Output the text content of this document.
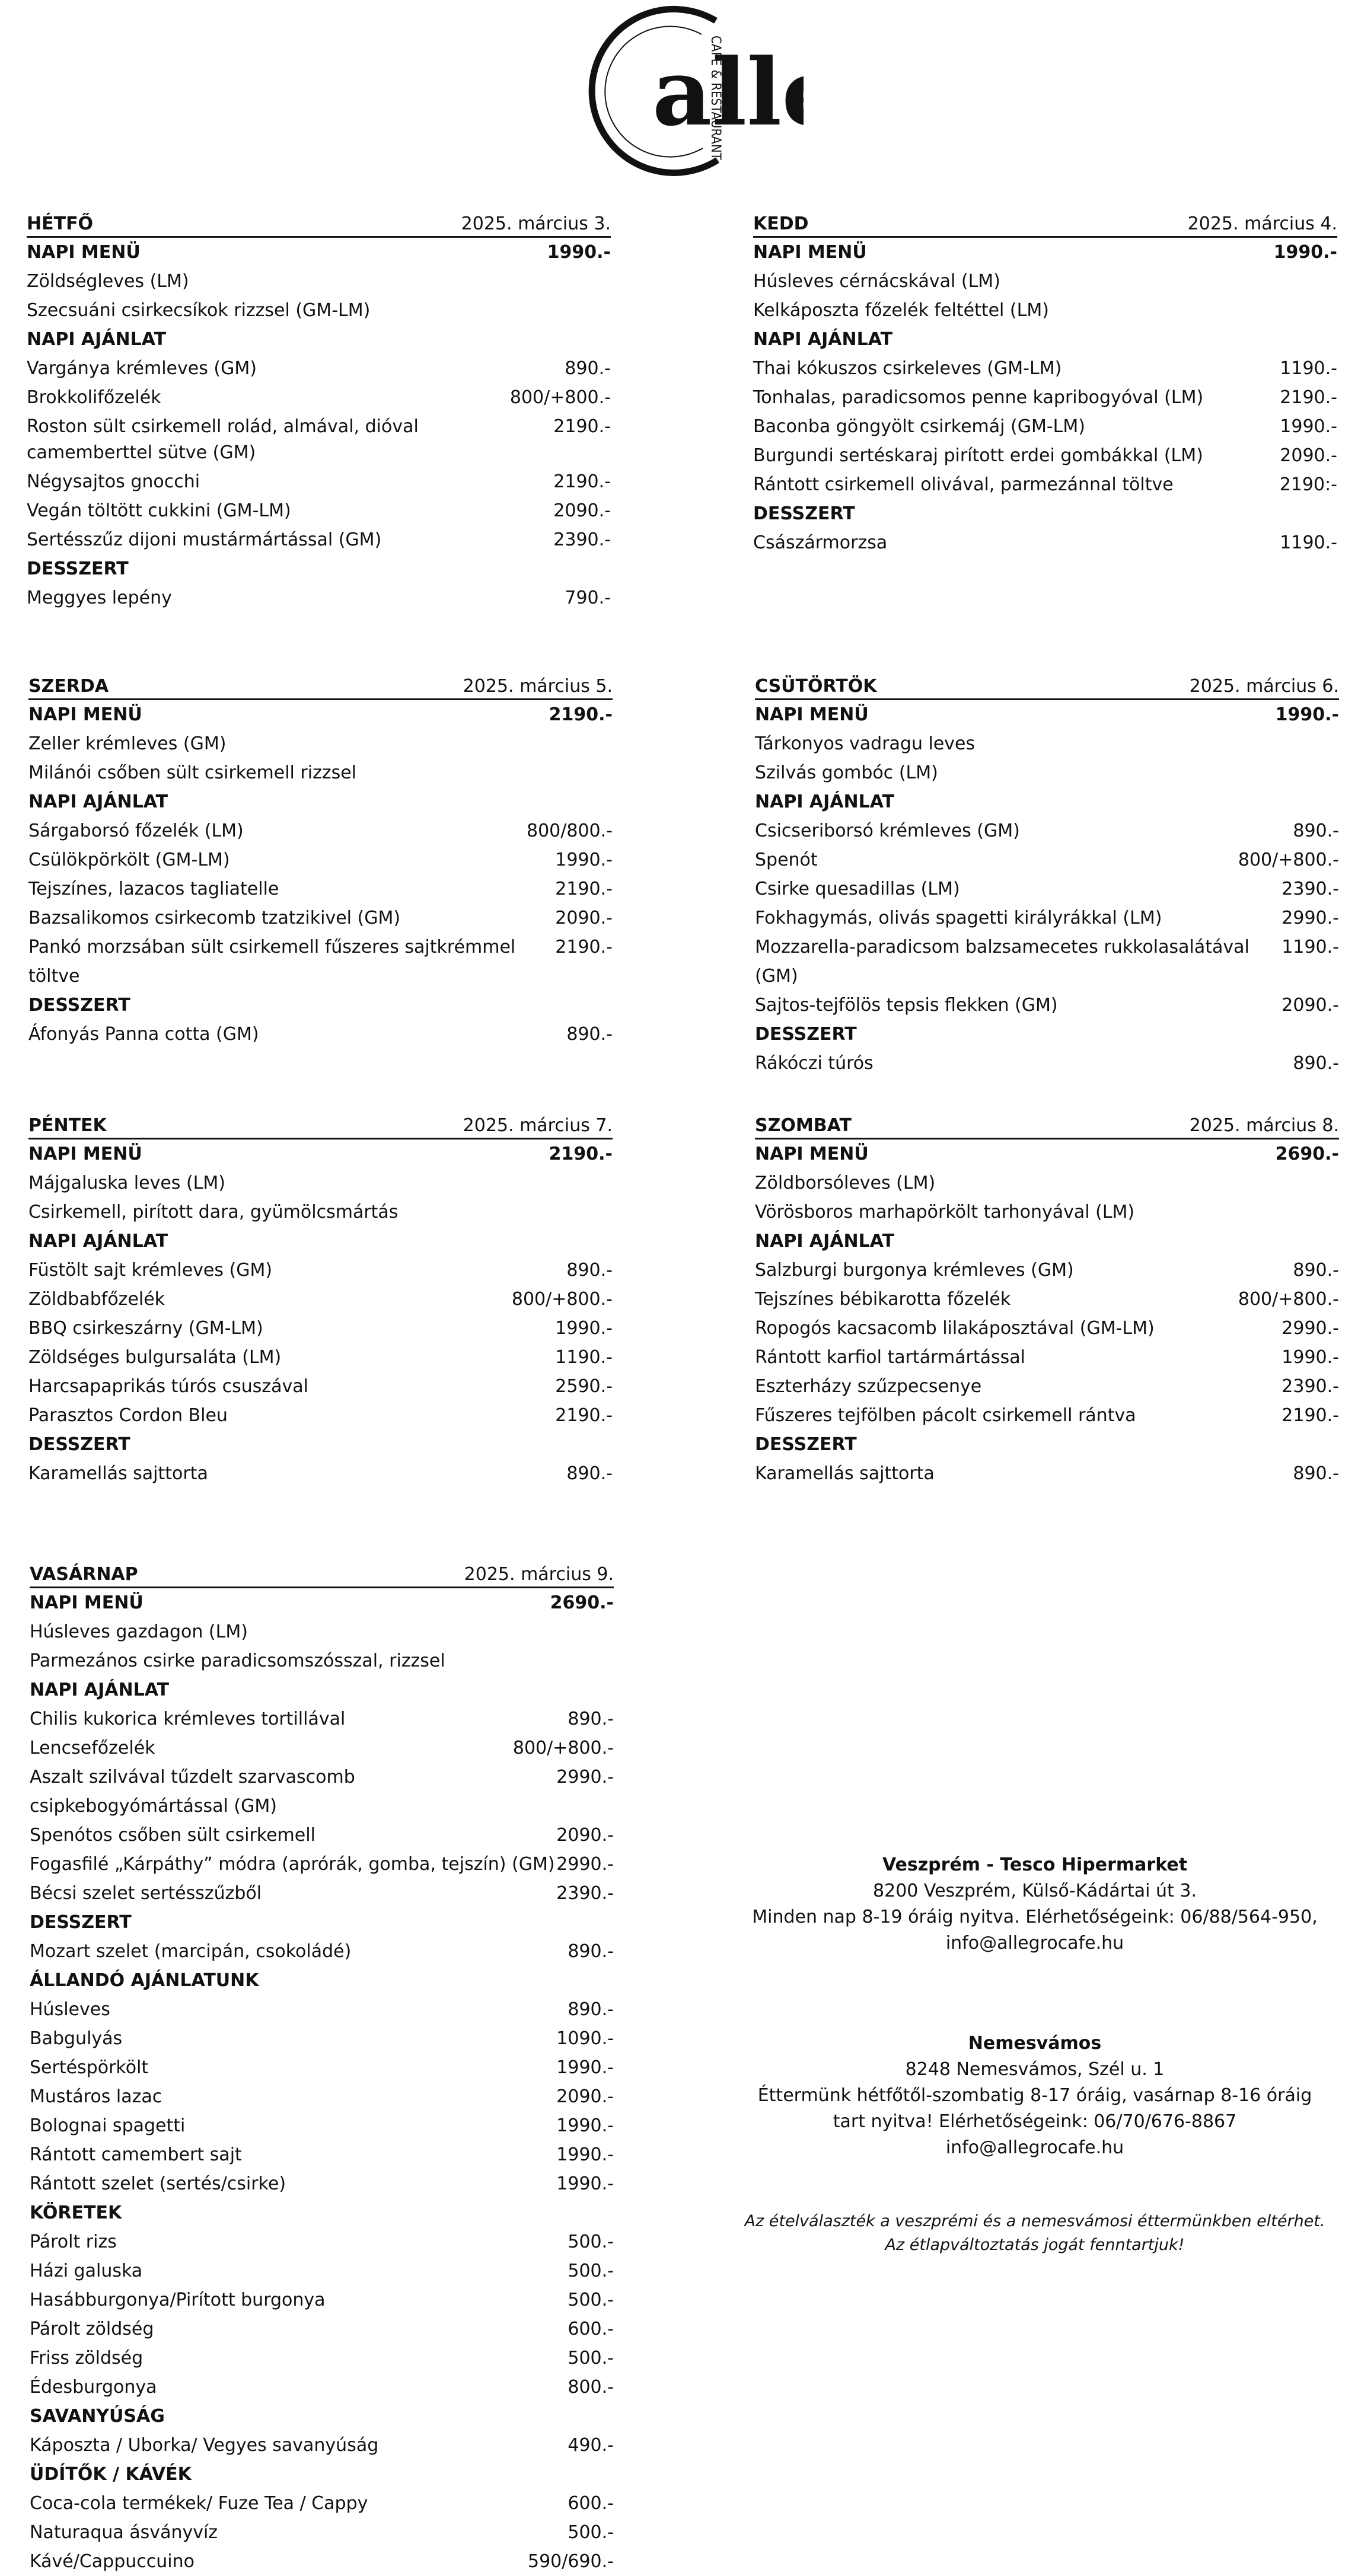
all
CAFE & RESTAURANT
HÉTFŐ	2025. március 3.
NAPI MENÜ	1990.-
Zöldségleves (LM)
Szecsuáni csirkecsíkok rizzsel (GM-LM)
NAPI AJÁNLAT
Vargánya krémleves (GM)	890.-
Brokkolifőzelék	800/+800.-
Roston sült csirkemell rolád, almával, dióval camemberttel sütve (GM)
2190.-
Négysajtos gnocchi	2190.-
Vegán töltött cukkini (GM-LM)	2090.-
Sertésszűz dijoni mustármártással (GM)	2390.-
DESSZERT
Meggyes lepény	790.-
KEDD	2025. március 4.
NAPI MENÜ	1990.-
Húsleves cérnácskával (LM)
Kelkáposzta főzelék feltéttel (LM)
NAPI AJÁNLAT
Thai kókuszos csirkeleves (GM-LM)	1190.-
Tonhalas, paradicsomos penne kapribogyóval (LM)	2190.-
Baconba göngyölt csirkemáj (GM-LM)	1990.-
Burgundi sertéskaraj pirított erdei gombákkal (LM)	2090.-
Rántott csirkemell olivával, parmezánnal töltve	2190:-
DESSZERT
Császármorzsa	1190.-
SZERDA	2025. március 5.
NAPI MENÜ	2190.-
Zeller krémleves (GM)
Milánói csőben sült csirkemell rizzsel
NAPI AJÁNLAT
Sárgaborsó főzelék (LM)	800/800.-
Csülökpörkölt (GM-LM)	1990.-
Tejszínes, lazacos tagliatelle	2190.-
Bazsalikomos csirkecomb tzatzikivel (GM)	2090.-
Pankó morzsában sült csirkemell fűszeres sajtkrémmel töltve
2190.-
DESSZERT
Áfonyás Panna cotta (GM)	890.-
CSÜTÖRTÖK	2025. március 6.
NAPI MENÜ	1990.-
Tárkonyos vadragu leves
Szilvás gombóc (LM)
NAPI AJÁNLAT
Csicseriborsó krémleves (GM)	890.-
Spenót	800/+800.-
Csirke quesadillas (LM)	2390.-
Fokhagymás, olivás spagetti királyrákkal (LM)	2990.-
Mozzarella-paradicsom balzsamecetes rukkolasalátával (GM)
1190.-
Sajtos-tejfölös tepsis flekken (GM)	2090.-
DESSZERT
Rákóczi túrós	890.-
PÉNTEK	2025. március 7.
NAPI MENÜ	2190.-
Májgaluska leves (LM)
Csirkemell, pirított dara, gyümölcsmártás
NAPI AJÁNLAT
Füstölt sajt krémleves (GM)	890.-
Zöldbabfőzelék	800/+800.-
BBQ csirkeszárny (GM-LM)	1990.-
Zöldséges bulgursaláta (LM)	1190.-
Harcsapaprikás túrós csuszával	2590.-
Parasztos Cordon Bleu	2190.-
DESSZERT
Karamellás sajttorta	890.-
SZOMBAT	2025. március 8.
NAPI MENÜ	2690.-
Zöldborsóleves (LM)
Vörösboros marhapörkölt tarhonyával (LM)
NAPI AJÁNLAT
Salzburgi burgonya krémleves (GM)	890.-
Tejszínes bébikarotta főzelék	800/+800.-
Ropogós kacsacomb lilakáposztával (GM-LM)	2990.-
Rántott karfiol tartármártással	1990.-
Eszterházy szűzpecsenye	2390.-
Fűszeres tejfölben pácolt csirkemell rántva	2190.-
DESSZERT
Karamellás sajttorta	890.-
VASÁRNAP	2025. március 9.
NAPI MENÜ	2690.-
Húsleves gazdagon (LM)
Parmezános csirke paradicsomszósszal, rizzsel
NAPI AJÁNLAT
Chilis kukorica krémleves tortillával	890.-
Lencsefőzelék	800/+800.-
Aszalt szilvával tűzdelt szarvascomb csipkebogyómártással (GM)
2990.-
Spenótos csőben sült csirkemell	2090.-
Fogasfilé „Kárpáthy” módra (aprórák, gomba, tejszín) (GM) 2990.-
Bécsi szelet sertésszűzből	2390.-
DESSZERT
Mozart szelet (marcipán, csokoládé)	890.-
ÁLLANDÓ AJÁNLATUNK
Húsleves	890.-
Babgulyás	1090.-
Sertéspörkölt	1990.-
Mustáros lazac	2090.-
Bolognai spagetti	1990.-
Rántott camembert sajt	1990.-
Rántott szelet (sertés/csirke)	1990.-
KÖRETEK
Párolt rizs	500.-
Házi galuska	500.-
Hasábburgonya/Pirított burgonya	500.-
Párolt zöldség	600.-
Friss zöldség	500.-
Édesburgonya	800.-
SAVANYÚSÁG
Káposzta / Uborka/ Vegyes savanyúság	490.-
ÜDÍTŐK / KÁVÉK
Coca-cola termékek/ Fuze Tea / Cappy	600.-
Naturaqua ásványvíz	500.-
Kávé/Cappuccuino	590/690.-
Veszprém - Tesco Hipermarket
8200 Veszprém, Külső-Kádártai út 3.
Minden nap 8-19 óráig nyitva. Elérhetőségeink: 06/88/564-950,
info@allegrocafe.hu
Nemesvámos
8248 Nemesvámos, Szél u. 1
Éttermünk hétfőtől-szombatig 8-17 óráig, vasárnap 8-16 óráig
tart nyitva! Elérhetőségeink: 06/70/676-8867 info@allegrocafe.hu
Az ételválaszték a veszprémi és a nemesvámosi éttermünkben eltérhet.
Az étlapváltoztatás jogát fenntartjuk!
